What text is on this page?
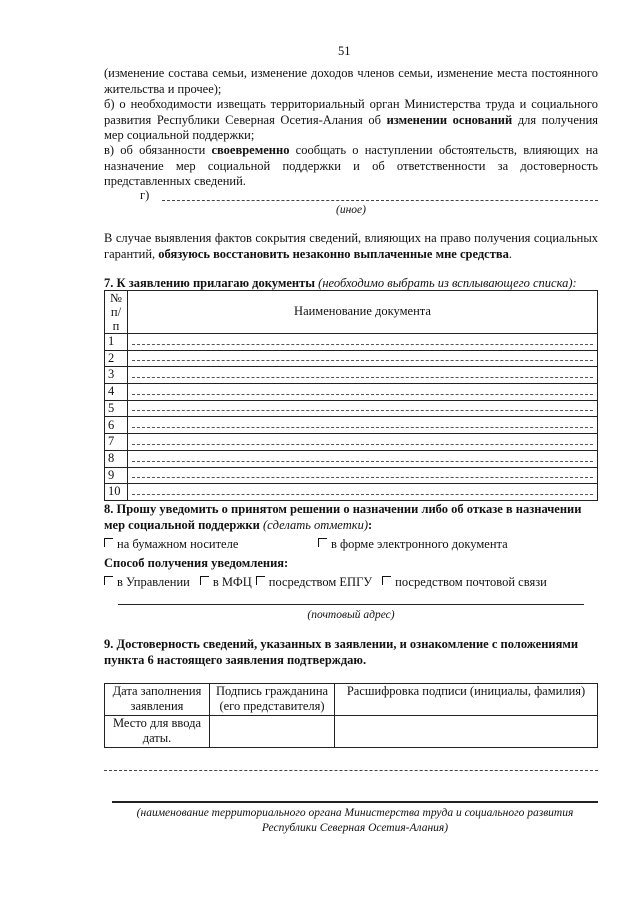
51
(изменение состава семьи, изменение доходов членов семьи, изменение места постоянного жительства и прочее);
б) о необходимости извещать территориальный орган Министерства труда и социального развития Республики Северная Осетия-Алания об изменении оснований для получения мер социальной поддержки;
в) об обязанности своевременно сообщать о наступлении обстоятельств, влияющих на назначение мер социальной поддержки и об ответственности за достоверность представленных сведений.
г)
(иное)
В случае выявления фактов сокрытия сведений, влияющих на право получения социальных гарантий, обязуюсь восстановить незаконно выплаченные мне средства.
7. К заявлению прилагаю документы (необходимо выбрать из всплывающего списка):
№ п/п	Наименование документа
1	
2	
3	
4	
5	
6	
7	
8	
9	
10	
8. Прошу уведомить о принятом решении о назначении либо об отказе в назначении мер социальной поддержки (сделать отметки):
на бумажном носителе	в форме электронного документа
Способ получения уведомления:
в Управлении в МФЦ посредством ЕПГУ посредством почтовой связи
(почтовый адрес)
9. Достоверность сведений, указанных в заявлении, и ознакомление с положениями пункта 6 настоящего заявления подтверждаю.
Дата заполнения заявления	Подпись гражданина (его представителя)	Расшифровка подписи (инициалы, фамилия)
Место для ввода даты.		
(наименование территориального органа Министерства труда и социального развития Республики Северная Осетия-Алания)
